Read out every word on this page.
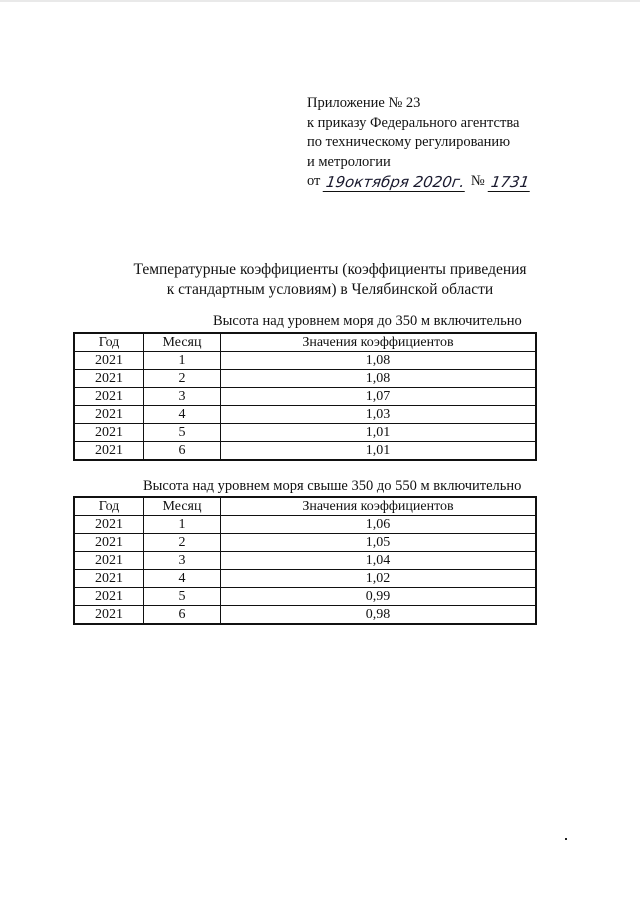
Приложение № 23
к приказу Федерального агентства
по техническому регулированию
и метрологии
от 19октября 2020г. № 1731
Температурные коэффициенты (коэффициенты приведения
к стандартным условиям) в Челябинской области
Высота над уровнем моря до 350 м включительно
Год	Месяц	Значения коэффициентов
2021	1	1,08
2021	2	1,08
2021	3	1,07
2021	4	1,03
2021	5	1,01
2021	6	1,01
Высота над уровнем моря свыше 350 до 550 м включительно
Год	Месяц	Значения коэффициентов
2021	1	1,06
2021	2	1,05
2021	3	1,04
2021	4	1,02
2021	5	0,99
2021	6	0,98
